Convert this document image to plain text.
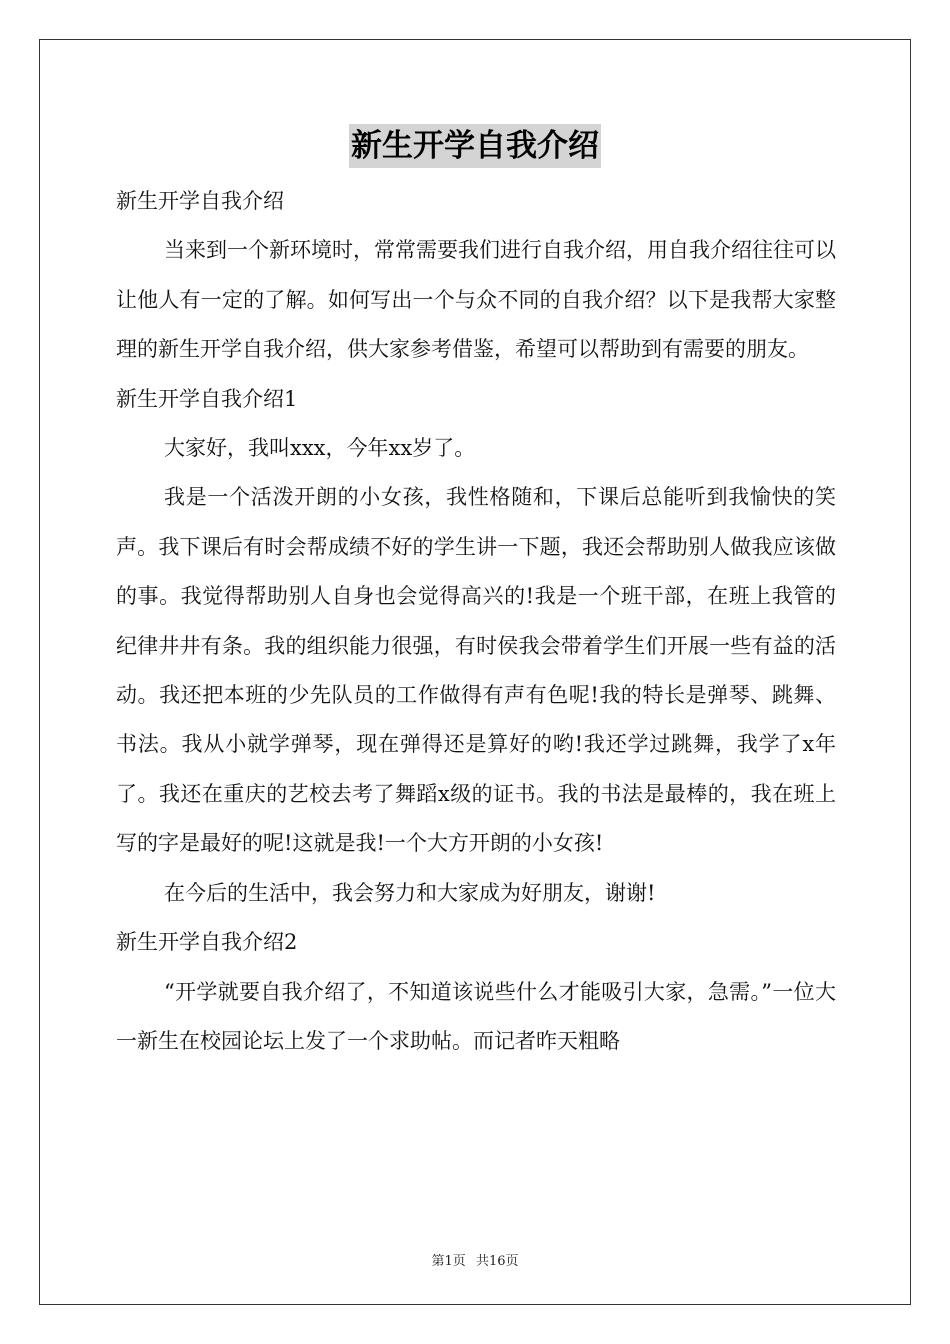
新生开学自我介绍

新生开学自我介绍

当来到一个新环境时，常常需要我们进行自我介绍，用自我介绍往往可以让他人有一定的了解。如何写出一个与众不同的自我介绍？以下是我帮大家整理的新生开学自我介绍，供大家参考借鉴，希望可以帮助到有需要的朋友。

新生开学自我介绍1

大家好，我叫xxx，今年xx岁了。

我是一个活泼开朗的小女孩，我性格随和，下课后总能听到我愉快的笑声。我下课后有时会帮成绩不好的学生讲一下题，我还会帮助别人做我应该做的事。我觉得帮助别人自身也会觉得高兴的!我是一个班干部，在班上我管的纪律井井有条。我的组织能力很强，有时侯我会带着学生们开展一些有益的活动。我还把本班的少先队员的工作做得有声有色呢!我的特长是弹琴、跳舞、书法。我从小就学弹琴，现在弹得还是算好的哟!我还学过跳舞，我学了x年了。我还在重庆的艺校去考了舞蹈x级的证书。我的书法是最棒的，我在班上写的字是最好的呢!这就是我!一个大方开朗的小女孩!

在今后的生活中，我会努力和大家成为好朋友，谢谢!

新生开学自我介绍2

“开学就要自我介绍了，不知道该说些什么才能吸引大家，急需。”一位大一新生在校园论坛上发了一个求助帖。而记者昨天粗略

第1页 共16页
